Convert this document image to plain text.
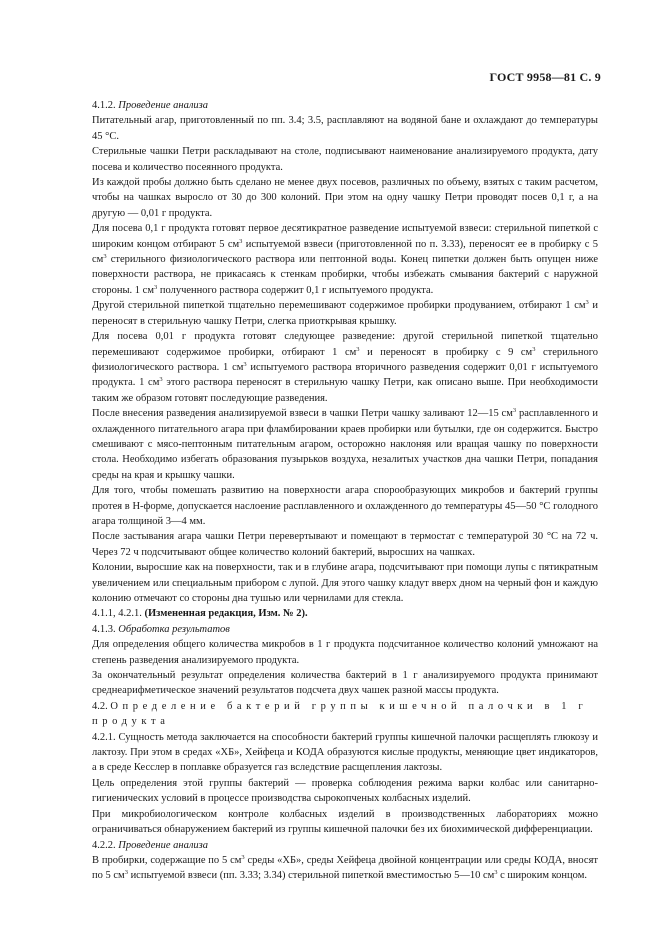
ГОСТ 9958—81 С. 9

4.1.2. Проведение анализа

Питательный агар, приготовленный по пп. 3.4; 3.5, расплавляют на водяной бане и охлаждают до температуры 45 °С.

Стерильные чашки Петри раскладывают на столе, подписывают наименование анализируемого продукта, дату посева и количество посеянного продукта.

Из каждой пробы должно быть сделано не менее двух посевов, различных по объему, взятых с таким расчетом, чтобы на чашках выросло от 30 до 300 колоний. При этом на одну чашку Петри проводят посев 0,1 г, а на другую — 0,01 г продукта.

Для посева 0,1 г продукта готовят первое десятикратное разведение испытуемой взвеси: стерильной пипеткой с широким концом отбирают 5 $см^3$ испытуемой взвеси (приготовленной по п. 3.33), переносят ее в пробирку с 5 $см^3$ стерильного физиологического раствора или пептонной воды. Конец пипетки должен быть опущен ниже поверхности раствора, не прикасаясь к стенкам пробирки, чтобы избежать смывания бактерий с наружной стороны. 1 $см^3$ полученного раствора содержит 0,1 г испытуемого продукта.

Другой стерильной пипеткой тщательно перемешивают содержимое пробирки продуванием, отбирают 1 $см^3$ и переносят в стерильную чашку Петри, слегка приоткрывая крышку.

Для посева 0,01 г продукта готовят следующее разведение: другой стерильной пипеткой тщательно перемешивают содержимое пробирки, отбирают 1 $см^3$ и переносят в пробирку с 9 $см^3$ стерильного физиологического раствора. 1 $см^3$ испытуемого раствора вторичного разведения содержит 0,01 г испытуемого продукта. 1 $см^3$ этого раствора переносят в стерильную чашку Петри, как описано выше. При необходимости таким же образом готовят последующие разведения.

После внесения разведения анализируемой взвеси в чашки Петри чашку заливают 12—15 $см^3$ расплавленного и охлажденного питательного агара при фламбировании краев пробирки или бутылки, где он содержится. Быстро смешивают с мясо-пептонным питательным агаром, осторожно наклоняя или вращая чашку по поверхности стола. Необходимо избегать образования пузырьков воздуха, незалитых участков дна чашки Петри, попадания среды на края и крышку чашки.

Для того, чтобы помешать развитию на поверхности агара спорообразующих микробов и бактерий группы протея в Н-форме, допускается наслоение расплавленного и охлажденного до температуры 45—50 °С голодного агара толщиной 3—4 мм.

После застывания агара чашки Петри перевертывают и помещают в термостат с температурой 30 °С на 72 ч. Через 72 ч подсчитывают общее количество колоний бактерий, выросших на чашках.

Колонии, выросшие как на поверхности, так и в глубине агара, подсчитывают при помощи лупы с пятикратным увеличением или специальным прибором с лупой. Для этого чашку кладут вверх дном на черный фон и каждую колонию отмечают со стороны дна тушью или чернилами для стекла.

4.1.1, 4.2.1. (Измененная редакция, Изм. № 2).

4.1.3. Обработка результатов

Для определения общего количества микробов в 1 г продукта подсчитанное количество колоний умножают на степень разведения анализируемого продукта.

За окончательный результат определения количества бактерий в 1 г анализируемого продукта принимают среднеарифметическое значений результатов подсчета двух чашек разной массы продукта.

4.2. Определение бактерий группы кишечной палочки в 1 г
продукта

4.2.1. Сущность метода заключается на способности бактерий группы кишечной палочки расщеплять глюкозу и лактозу. При этом в средах «ХБ», Хейфеца и КОДА образуются кислые продукты, меняющие цвет индикаторов, а в среде Кесслер в поплавке образуется газ вследствие расщепления лактозы.

Цель определения этой группы бактерий — проверка соблюдения режима варки колбас или санитарно-гигиенических условий в процессе производства сырокопченых колбасных изделий.

При микробиологическом контроле колбасных изделий в производственных лабораториях можно ограничиваться обнаружением бактерий из группы кишечной палочки без их биохимической дифференциации.

4.2.2. Проведение анализа

В пробирки, содержащие по 5 $см^3$ среды «ХБ», среды Хейфеца двойной концентрации или среды КОДА, вносят по 5 $см^3$ испытуемой взвеси (пп. 3.33; 3.34) стерильной пипеткой вместимостью 5—10 $см^3$ с широким концом.
